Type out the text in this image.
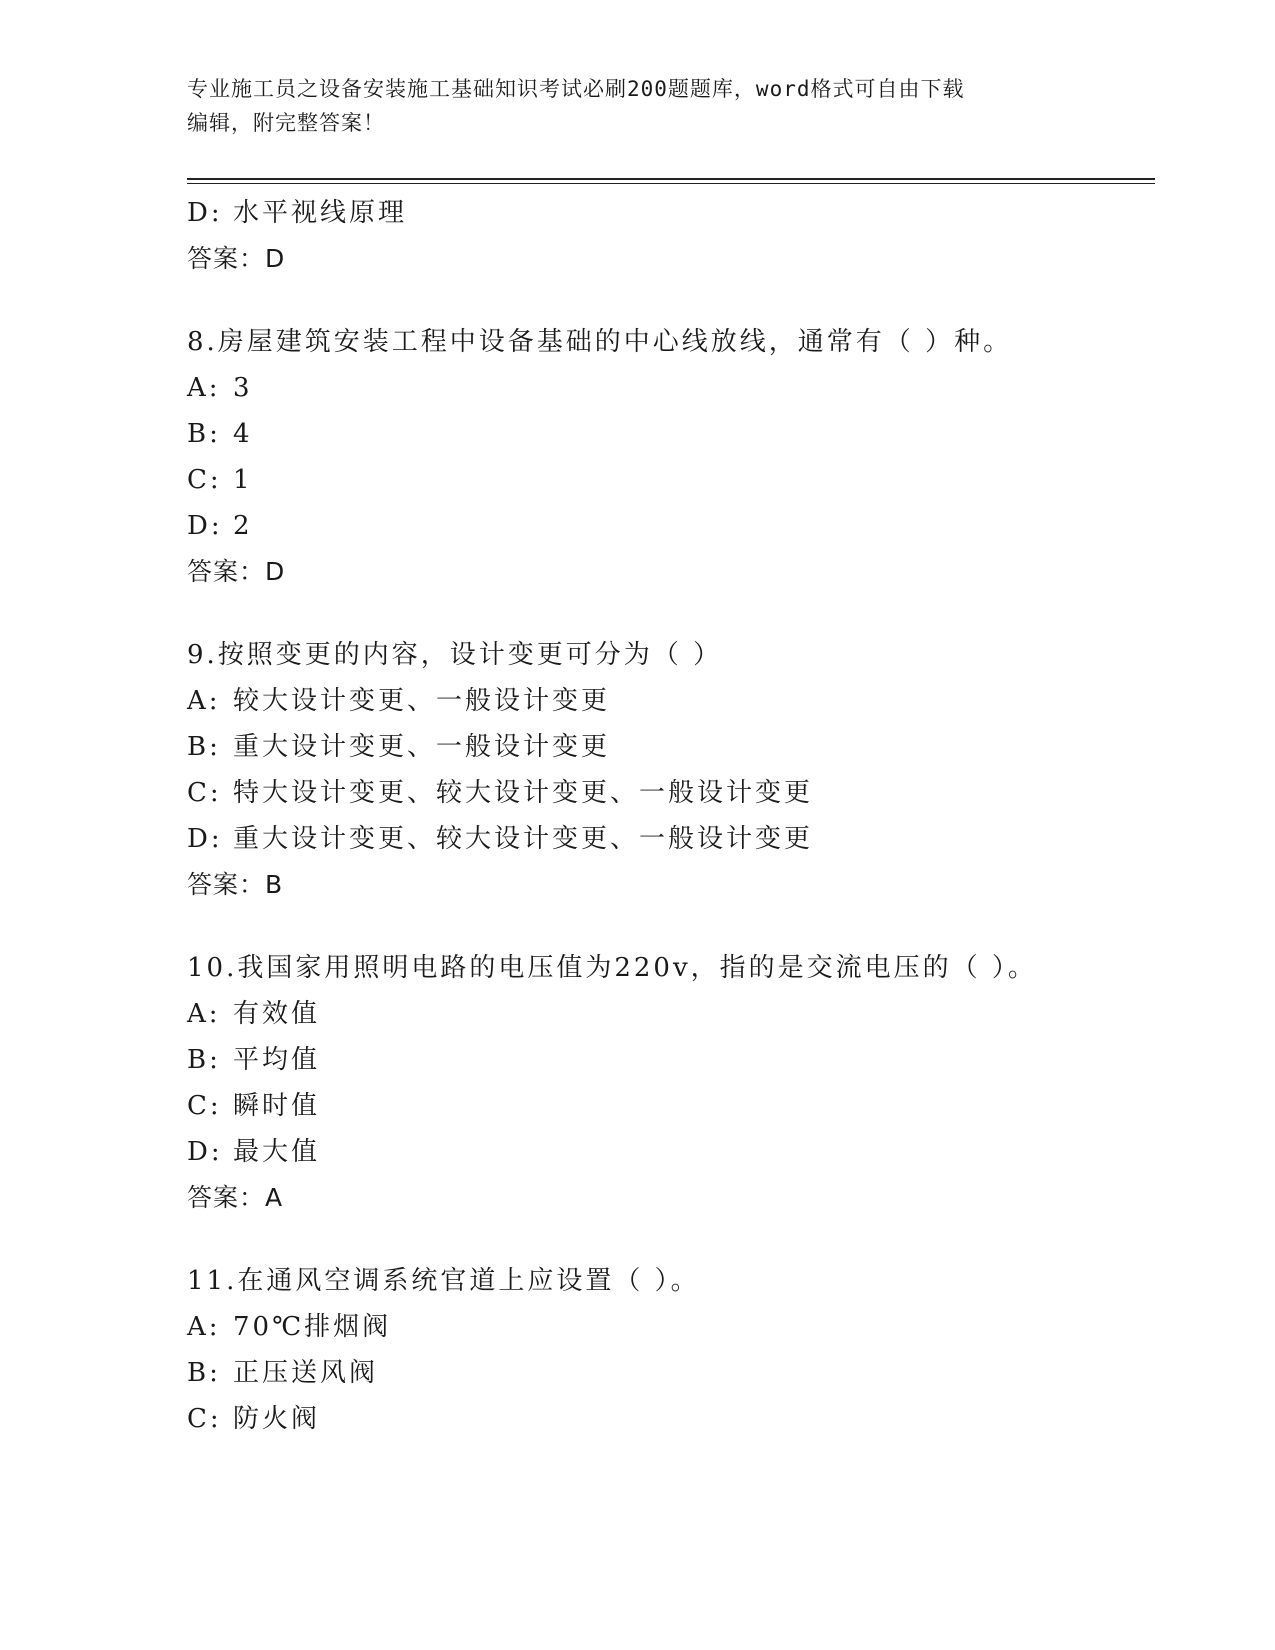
专业施工员之设备安装施工基础知识考试必刷200题题库，word格式可自由下载
编辑，附完整答案！
D: 水平视线原理
答案：D
8.房屋建筑安装工程中设备基础的中心线放线，通常有（ ）种。
A: 3
B: 4
C: 1
D: 2
答案：D
9.按照变更的内容，设计变更可分为（ ）
A: 较大设计变更、一般设计变更
B: 重大设计变更、一般设计变更
C: 特大设计变更、较大设计变更、一般设计变更
D: 重大设计变更、较大设计变更、一般设计变更
答案：B
10.我国家用照明电路的电压值为220v，指的是交流电压的（ ）。
A: 有效值
B: 平均值
C: 瞬时值
D: 最大值
答案：A
11.在通风空调系统官道上应设置（ ）。
A: 70℃排烟阀
B: 正压送风阀
C: 防火阀
